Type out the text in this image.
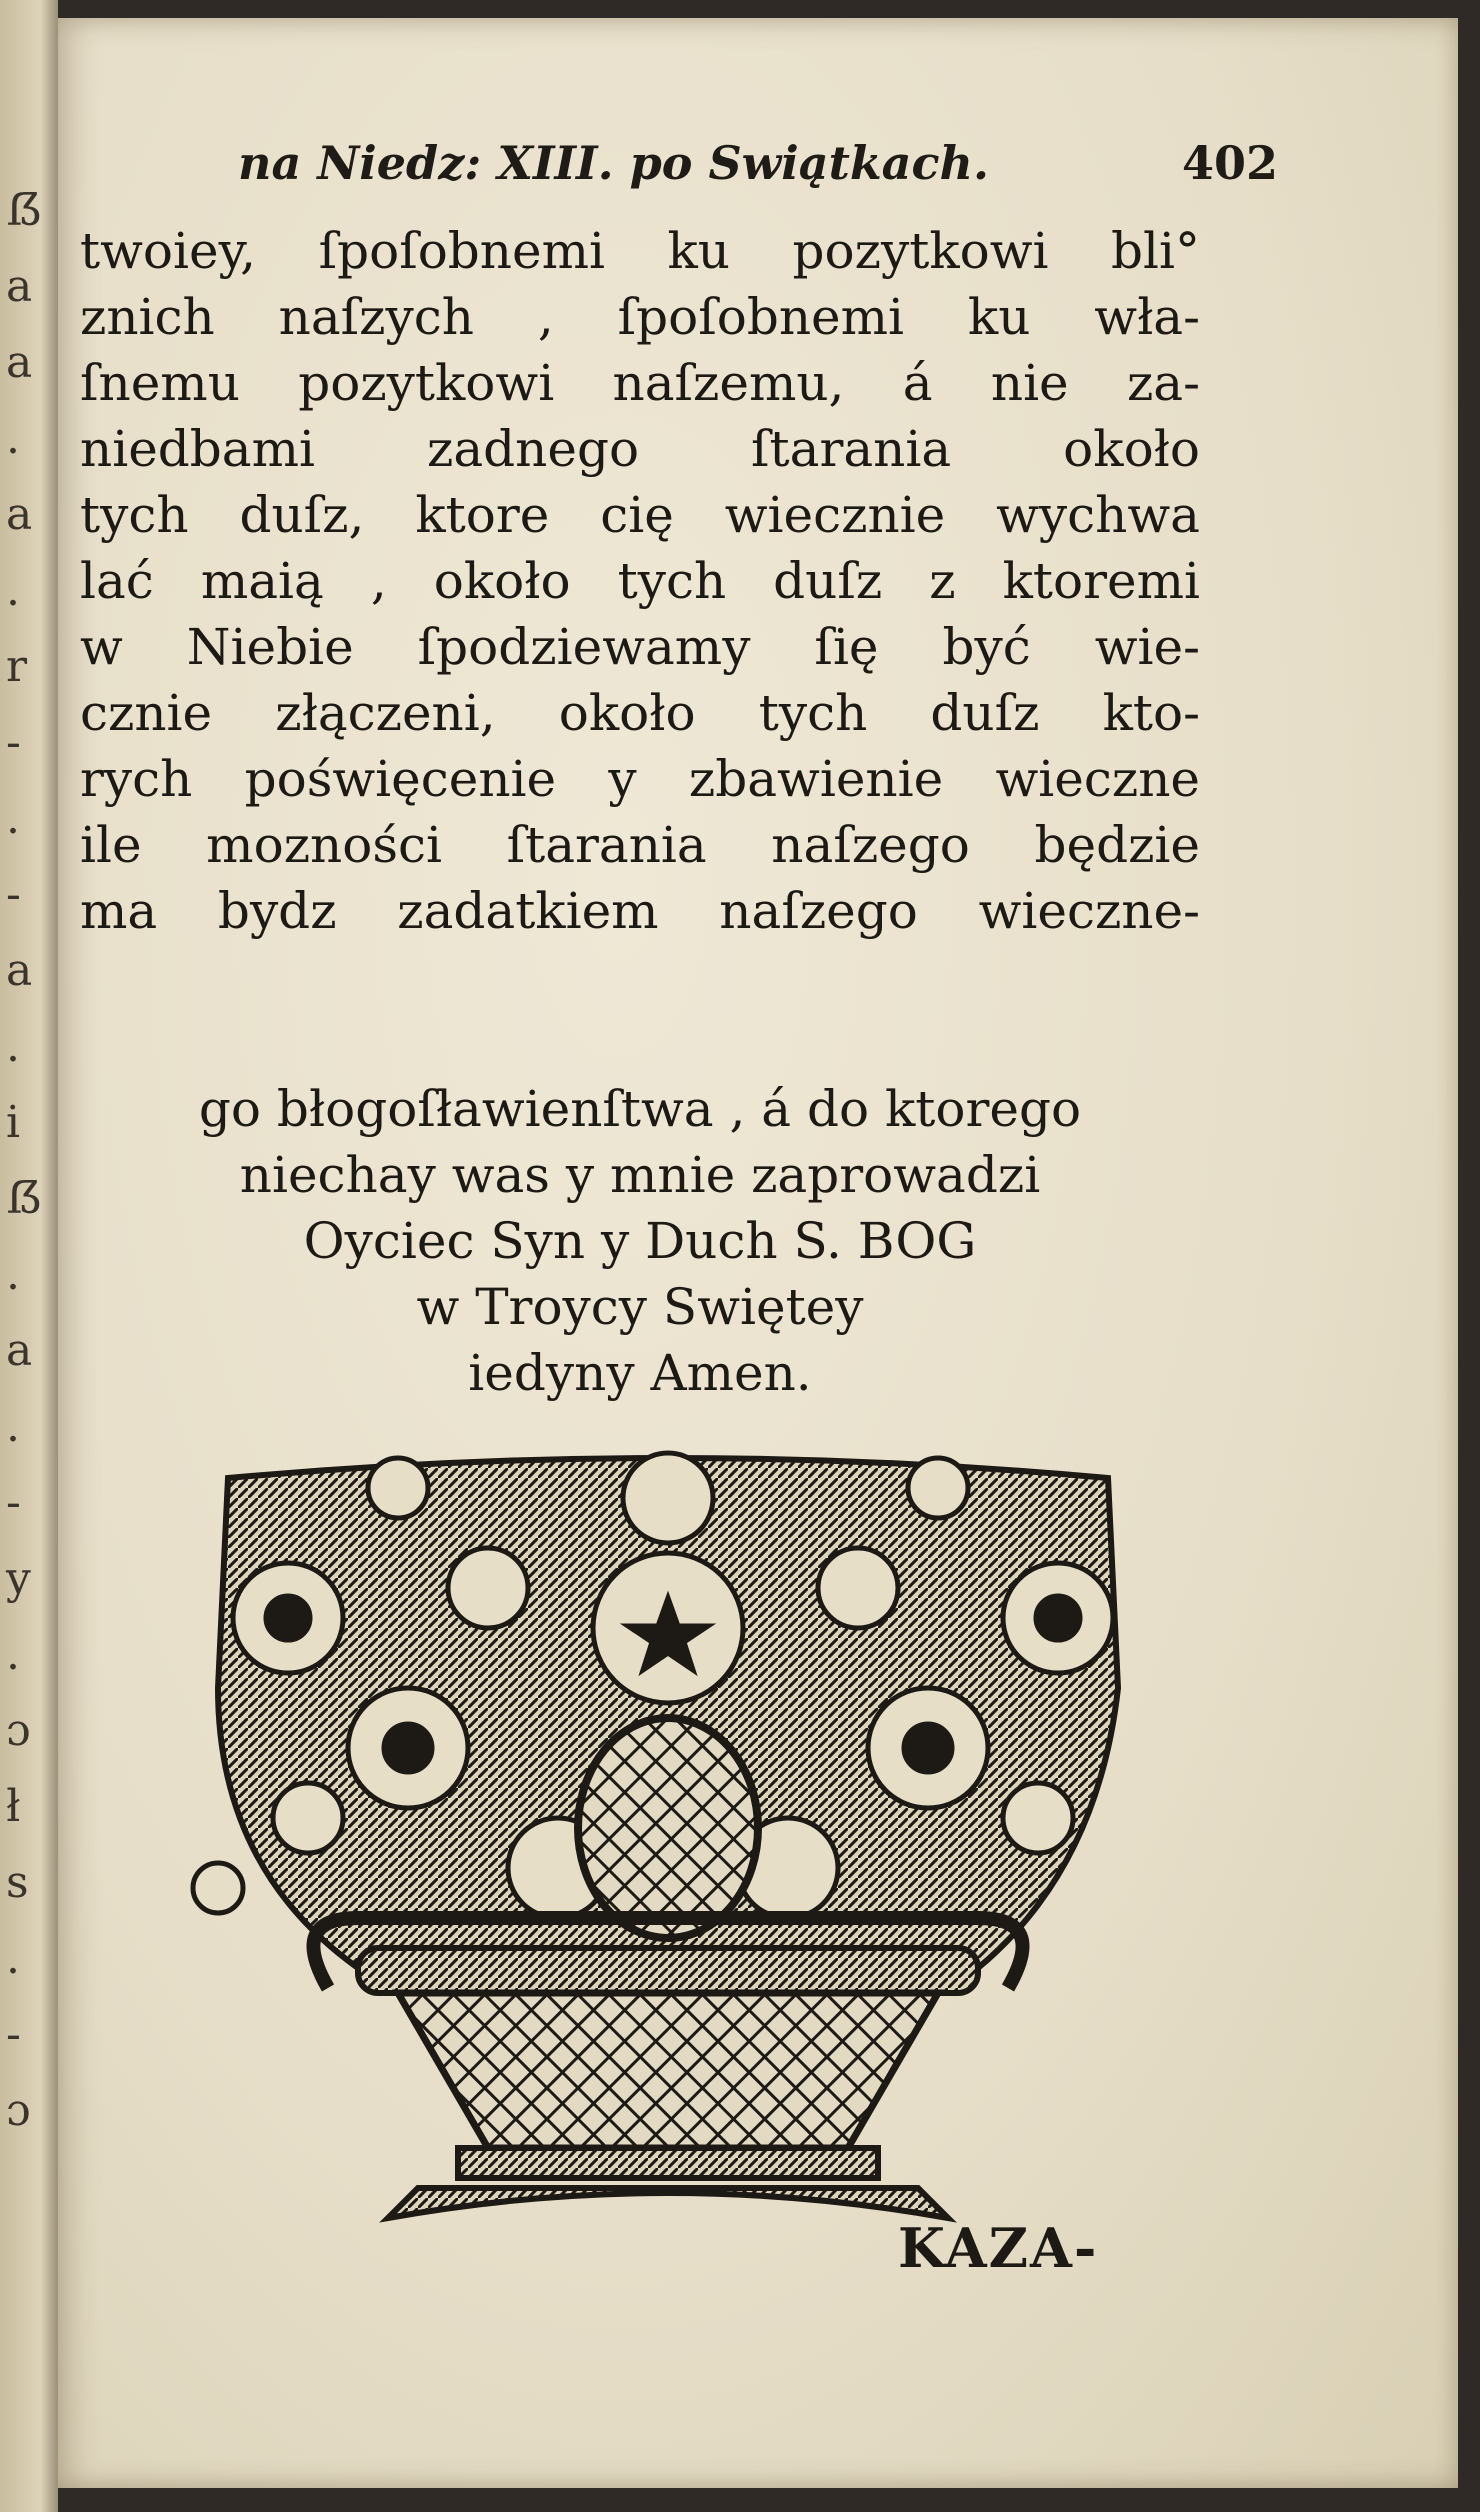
ẞ
a
a
.
a
.
r
-
.
-
a
.
i
ẞ
.
a
.
-
y
.
ɔ
ł
s
.
-
ɔ
na Niedz: XIII. po Swiątkach.	402
twoiey, ſpoſobnemi ku pozytkowi bli°
znich naſzych , ſpoſobnemi ku wła-
ſnemu pozytkowi naſzemu, á nie za-
niedbami zadnego ſtarania około
tych duſz, ktore cię wiecznie wychwa
lać maią , około tych duſz z ktoremi
w Niebie ſpodziewamy ſię być wie-
cznie złączeni, około tych duſz kto-
rych poświęcenie y zbawienie wieczne
ile mozności ſtarania naſzego będzie
ma bydz zadatkiem naſzego wieczne-
go błogoſławienſtwa , á do ktorego
niechay was y mnie zaprowadzi
Oyciec Syn y Duch S. BOG
w Troycy Swiętey
iedyny Amen.
KAZA-
